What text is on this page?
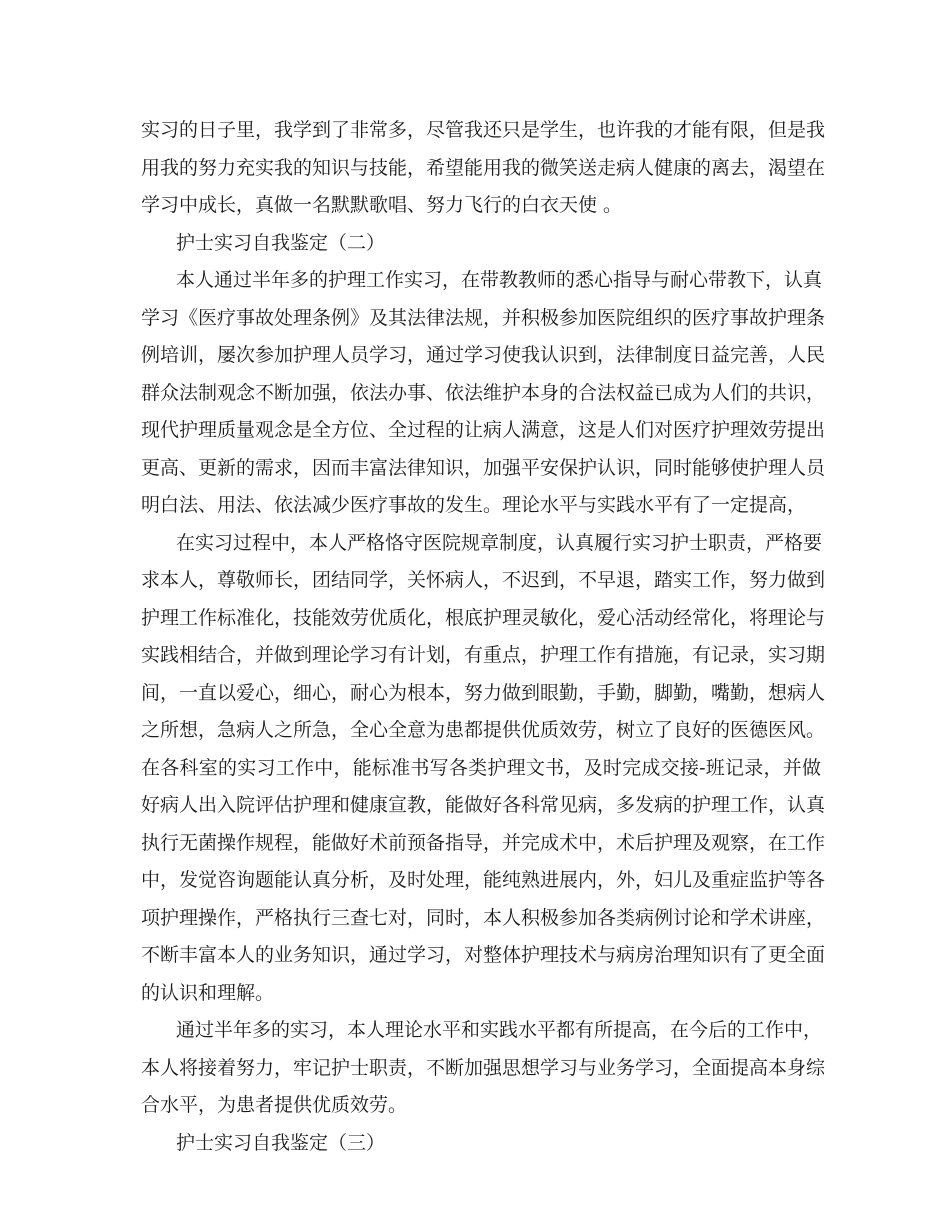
实习的日子里，我学到了非常多，尽管我还只是学生，也许我的才能有限，但是我
用我的努力充实我的知识与技能，希望能用我的微笑送走病人健康的离去，渴望在
学习中成长，真做一名默默歌唱、努力飞行的白衣天使 。
护士实习自我鉴定（二）
本人通过半年多的护理工作实习，在带教教师的悉心指导与耐心带教下，认真
学习《医疗事故处理条例》及其法律法规，并积极参加医院组织的医疗事故护理条
例培训，屡次参加护理人员学习，通过学习使我认识到，法律制度日益完善，人民
群众法制观念不断加强，依法办事、依法维护本身的合法权益已成为人们的共识，
现代护理质量观念是全方位、全过程的让病人满意，这是人们对医疗护理效劳提出
更高、更新的需求，因而丰富法律知识，加强平安保护认识，同时能够使护理人员
明白法、用法、依法减少医疗事故的发生。理论水平与实践水平有了一定提高，
在实习过程中，本人严格恪守医院规章制度，认真履行实习护士职责，严格要
求本人，尊敬师长，团结同学，关怀病人，不迟到，不早退，踏实工作，努力做到
护理工作标准化，技能效劳优质化，根底护理灵敏化，爱心活动经常化，将理论与
实践相结合，并做到理论学习有计划，有重点，护理工作有措施，有记录，实习期
间，一直以爱心，细心，耐心为根本，努力做到眼勤，手勤，脚勤，嘴勤，想病人
之所想，急病人之所急，全心全意为患都提供优质效劳，树立了良好的医德医风。
在各科室的实习工作中，能标准书写各类护理文书，及时完成交接-班记录，并做
好病人出入院评估护理和健康宣教，能做好各科常见病，多发病的护理工作，认真
执行无菌操作规程，能做好术前预备指导，并完成术中，术后护理及观察，在工作
中，发觉咨询题能认真分析，及时处理，能纯熟进展内，外，妇儿及重症监护等各
项护理操作，严格执行三查七对，同时，本人积极参加各类病例讨论和学术讲座，
不断丰富本人的业务知识，通过学习，对整体护理技术与病房治理知识有了更全面
的认识和理解。
通过半年多的实习，本人理论水平和实践水平都有所提高，在今后的工作中，
本人将接着努力，牢记护士职责，不断加强思想学习与业务学习，全面提高本身综
合水平，为患者提供优质效劳。
护士实习自我鉴定（三）
